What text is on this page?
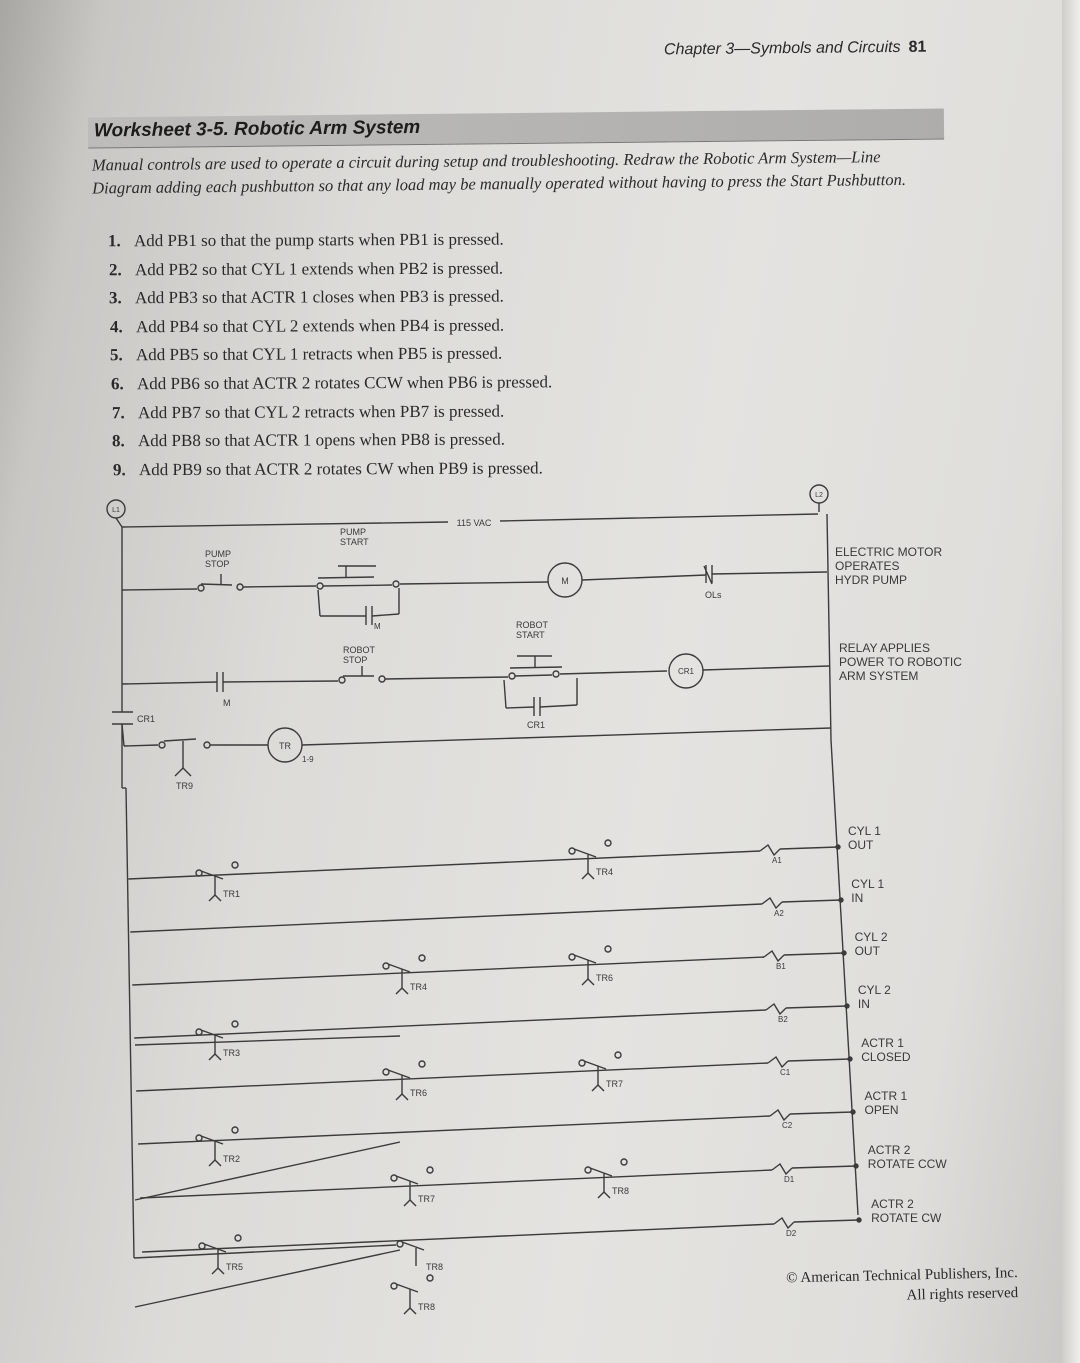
Chapter 3—Symbols and Circuits 81
Worksheet 3-5. Robotic Arm System
Manual controls are used to operate a circuit during setup and troubleshooting. Redraw the Robotic Arm System—Line Diagram adding each pushbutton so that any load may be manually operated without having to press the Start Pushbutton.
1. Add PB1 so that the pump starts when PB1 is pressed.
2. Add PB2 so that CYL 1 extends when PB2 is pressed.
3. Add PB3 so that ACTR 1 closes when PB3 is pressed.
4. Add PB4 so that CYL 2 extends when PB4 is pressed.
5. Add PB5 so that CYL 1 retracts when PB5 is pressed.
6. Add PB6 so that ACTR 2 rotates CCW when PB6 is pressed.
7. Add PB7 so that CYL 2 retracts when PB7 is pressed.
8. Add PB8 so that ACTR 1 opens when PB8 is pressed.
9. Add PB9 so that ACTR 2 rotates CW when PB9 is pressed.
L1
L2
115 VAC
PUMP
STOP
PUMP
START
M
M
OLs
ELECTRIC MOTOR
OPERATES
HYDR PUMP
ROBOT
STOP
ROBOT
START
M
CR1
CR1
RELAY APPLIES
POWER TO ROBOTIC
ARM SYSTEM
CR1
TR
1-9
TR9
A1
CYL 1
OUT
A2
CYL 1
IN
B1
CYL 2
OUT
B2
CYL 2
IN
C1
ACTR 1
CLOSED
C2
ACTR 1
OPEN
D1
ACTR 2
ROTATE CCW
D2
ACTR 2
ROTATE CW
TR1
TR4
TR4
TR6
TR3
TR6
TR7
TR2
TR7
TR8
TR5
TR8
TR8	© American Technical Publishers, Inc.
All rights reserved
